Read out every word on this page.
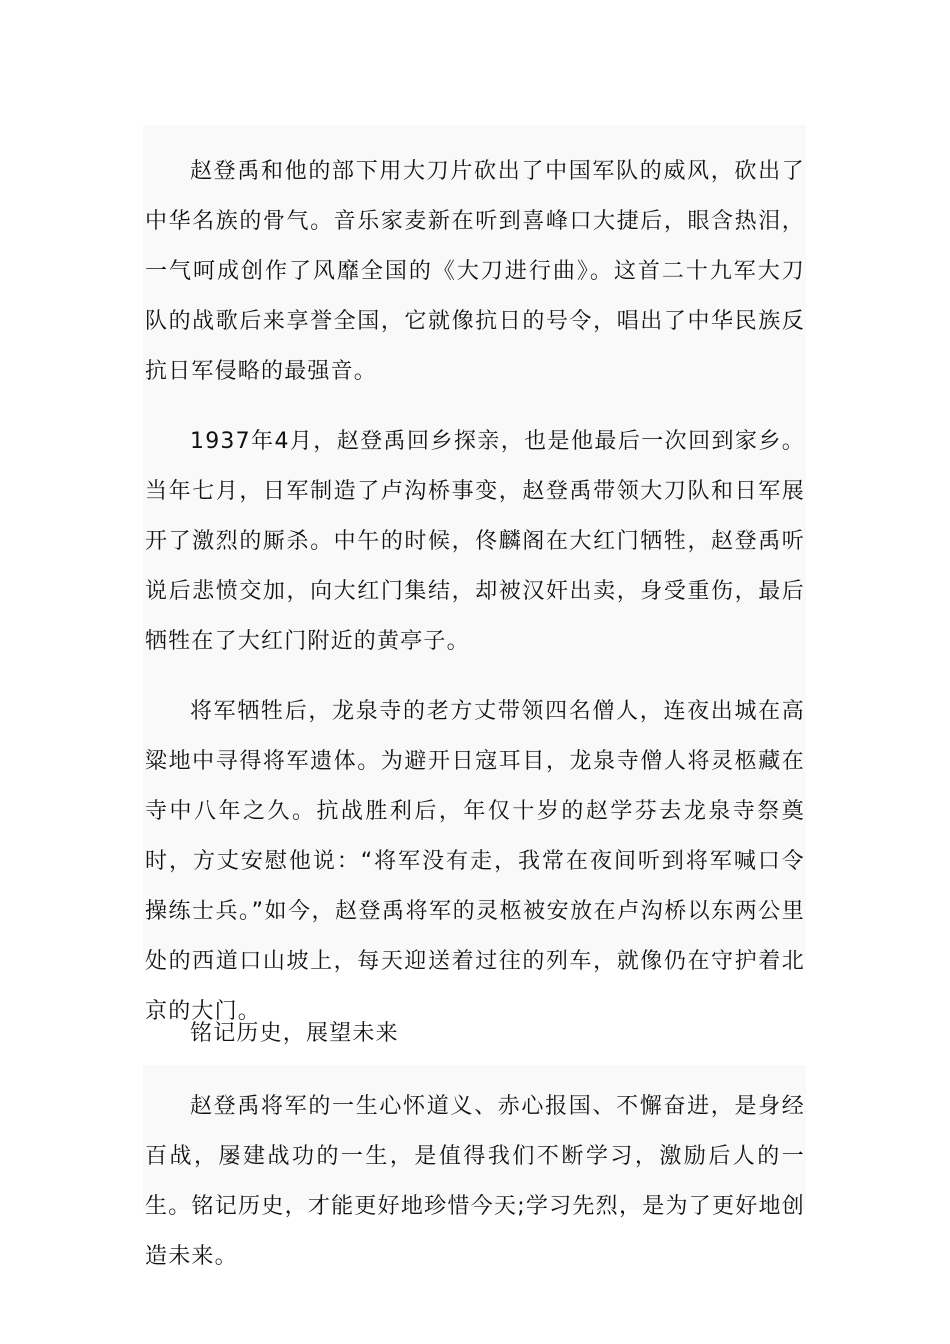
赵登禹和他的部下用大刀片砍出了中国军队的威风，砍出了中华名族的骨气。音乐家麦新在听到喜峰口大捷后，眼含热泪，一气呵成创作了风靡全国的《大刀进行曲》。这首二十九军大刀队的战歌后来享誉全国，它就像抗日的号令，唱出了中华民族反抗日军侵略的最强音。

1937年4月，赵登禹回乡探亲，也是他最后一次回到家乡。当年七月，日军制造了卢沟桥事变，赵登禹带领大刀队和日军展开了激烈的厮杀。中午的时候，佟麟阁在大红门牺牲，赵登禹听说后悲愤交加，向大红门集结，却被汉奸出卖，身受重伤，最后牺牲在了大红门附近的黄亭子。

将军牺牲后，龙泉寺的老方丈带领四名僧人，连夜出城在高粱地中寻得将军遗体。为避开日寇耳目，龙泉寺僧人将灵柩藏在寺中八年之久。抗战胜利后，年仅十岁的赵学芬去龙泉寺祭奠时，方丈安慰他说：“将军没有走，我常在夜间听到将军喊口令操练士兵。”如今，赵登禹将军的灵柩被安放在卢沟桥以东两公里处的西道口山坡上，每天迎送着过往的列车，就像仍在守护着北京的大门。

铭记历史，展望未来

赵登禹将军的一生心怀道义、赤心报国、不懈奋进，是身经百战，屡建战功的一生，是值得我们不断学习，激励后人的一生。铭记历史，才能更好地珍惜今天;学习先烈，是为了更好地创造未来。
